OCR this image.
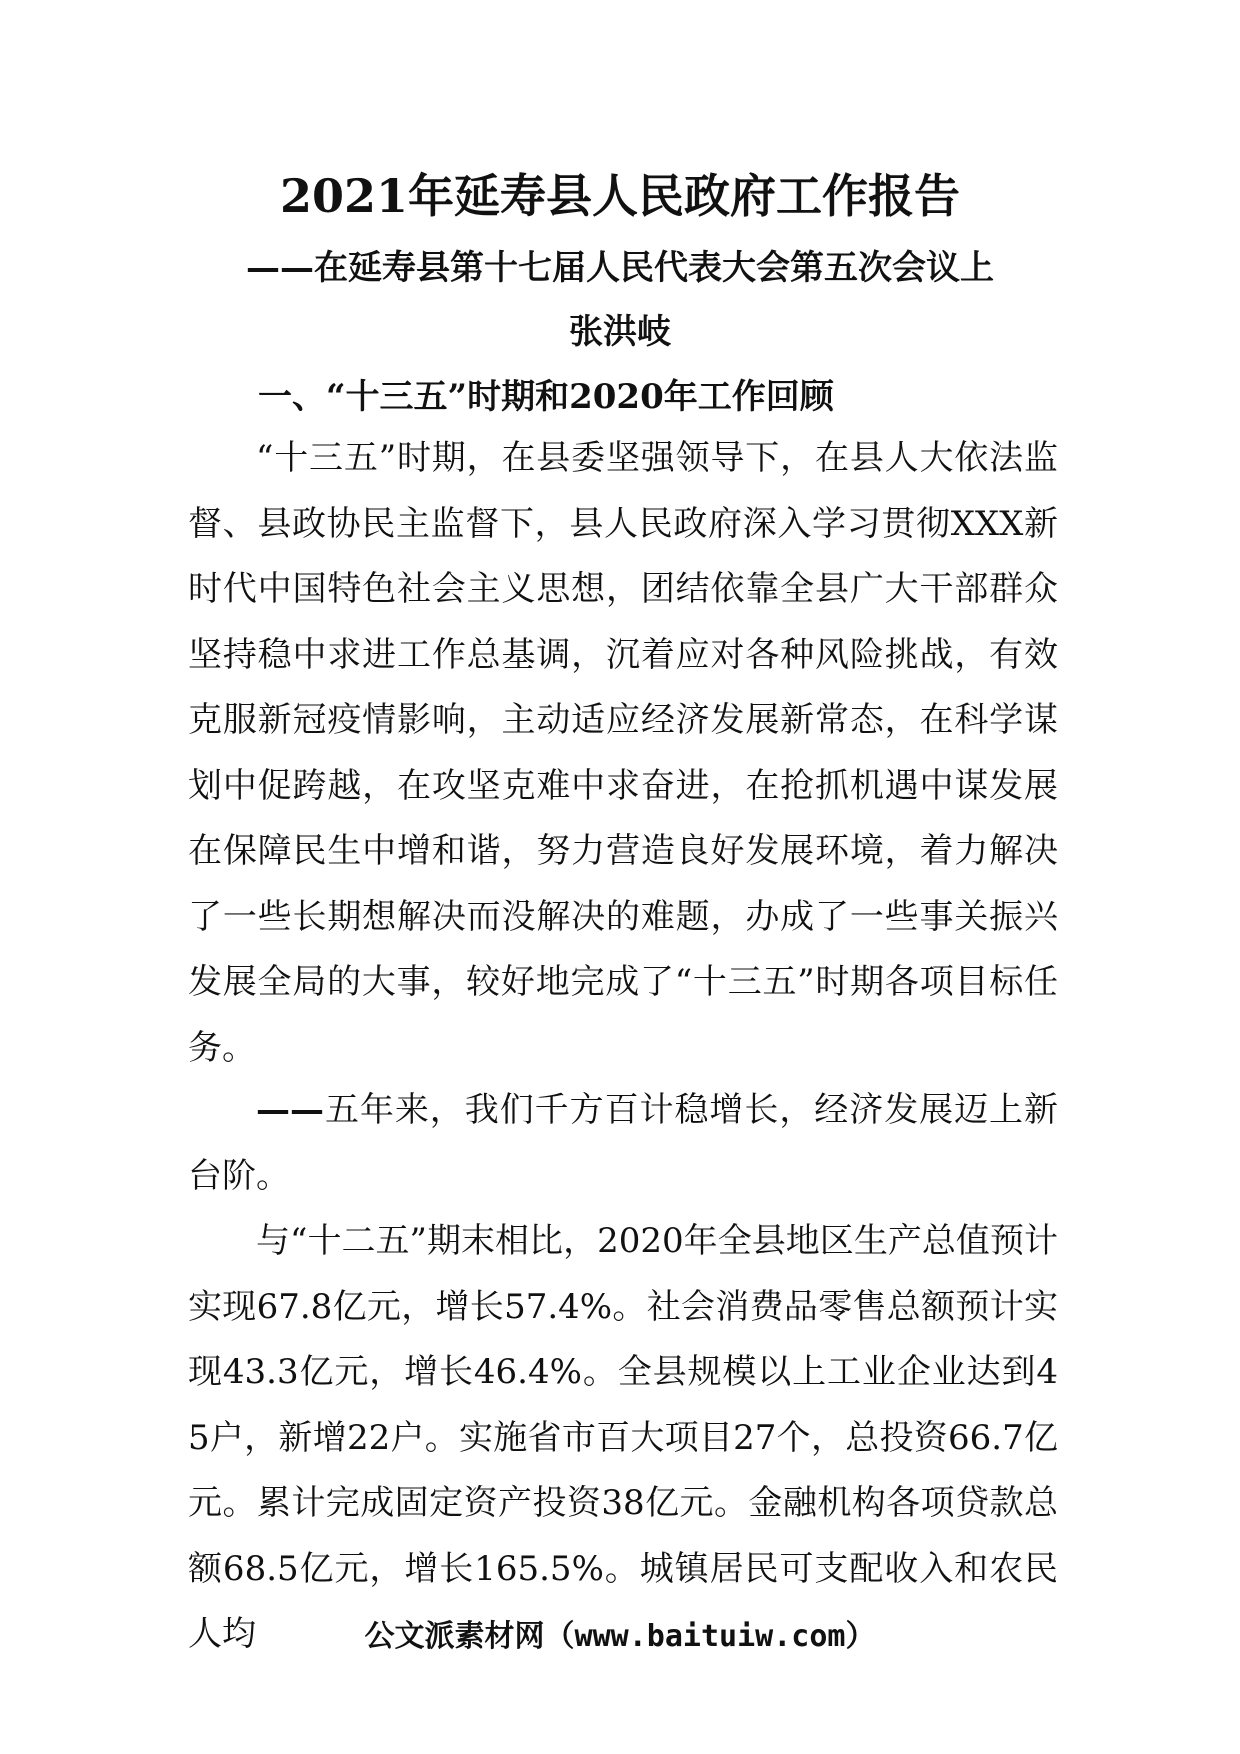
2021年延寿县人民政府工作报告
——在延寿县第十七届人民代表大会第五次会议上
张洪岐
一、“十三五”时期和2020年工作回顾

“十三五”时期，在县委坚强领导下，在县人大依法监督、县政协民主监督下，县人民政府深入学习贯彻XXX新时代中国特色社会主义思想，团结依靠全县广大干部群众坚持稳中求进工作总基调，沉着应对各种风险挑战，有效克服新冠疫情影响，主动适应经济发展新常态，在科学谋划中促跨越，在攻坚克难中求奋进，在抢抓机遇中谋发展在保障民生中增和谐，努力营造良好发展环境，着力解决了一些长期想解决而没解决的难题，办成了一些事关振兴发展全局的大事，较好地完成了“十三五”时期各项目标任务。

——五年来，我们千方百计稳增长，经济发展迈上新台阶。

与“十二五”期末相比，2020年全县地区生产总值预计实现67.8亿元，增长57.4%。社会消费品零售总额预计实现43.3亿元，增长46.4%。全县规模以上工业企业达到45户，新增22户。实施省市百大项目27个，总投资66.7亿元。累计完成固定资产投资38亿元。金融机构各项贷款总额68.5亿元，增长165.5%。城镇居民可支配收入和农民人均	公文派素材网（www.baituiw.com）
